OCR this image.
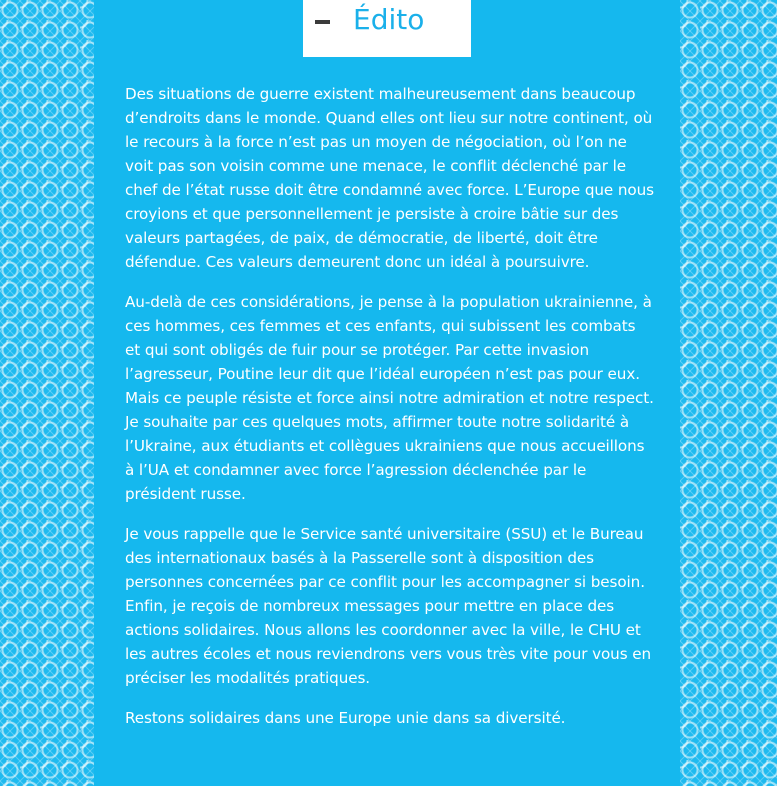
Édito

Des situations de guerre existent malheureusement dans beaucoup d’endroits dans le monde. Quand elles ont lieu sur notre continent, où le recours à la force n’est pas un moyen de négociation, où l’on ne voit pas son voisin comme une menace, le conflit déclenché par le chef de l’état russe doit être condamné avec force. L’Europe que nous croyions et que personnellement je persiste à croire bâtie sur des valeurs partagées, de paix, de démocratie, de liberté, doit être défendue. Ces valeurs demeurent donc un idéal à poursuivre.

Au-delà de ces considérations, je pense à la population ukrainienne, à ces hommes, ces femmes et ces enfants, qui subissent les combats et qui sont obligés de fuir pour se protéger. Par cette invasion l’agresseur, Poutine leur dit que l’idéal européen n’est pas pour eux. Mais ce peuple résiste et force ainsi notre admiration et notre respect. Je souhaite par ces quelques mots, affirmer toute notre solidarité à l’Ukraine, aux étudiants et collègues ukrainiens que nous accueillons à l’UA et condamner avec force l’agression déclenchée par le président russe.

Je vous rappelle que le Service santé universitaire (SSU) et le Bureau des internationaux basés à la Passerelle sont à disposition des personnes concernées par ce conflit pour les accompagner si besoin. Enfin, je reçois de nombreux messages pour mettre en place des actions solidaires. Nous allons les coordonner avec la ville, le CHU et les autres écoles et nous reviendrons vers vous très vite pour vous en préciser les modalités pratiques.

Restons solidaires dans une Europe unie dans sa diversité.
